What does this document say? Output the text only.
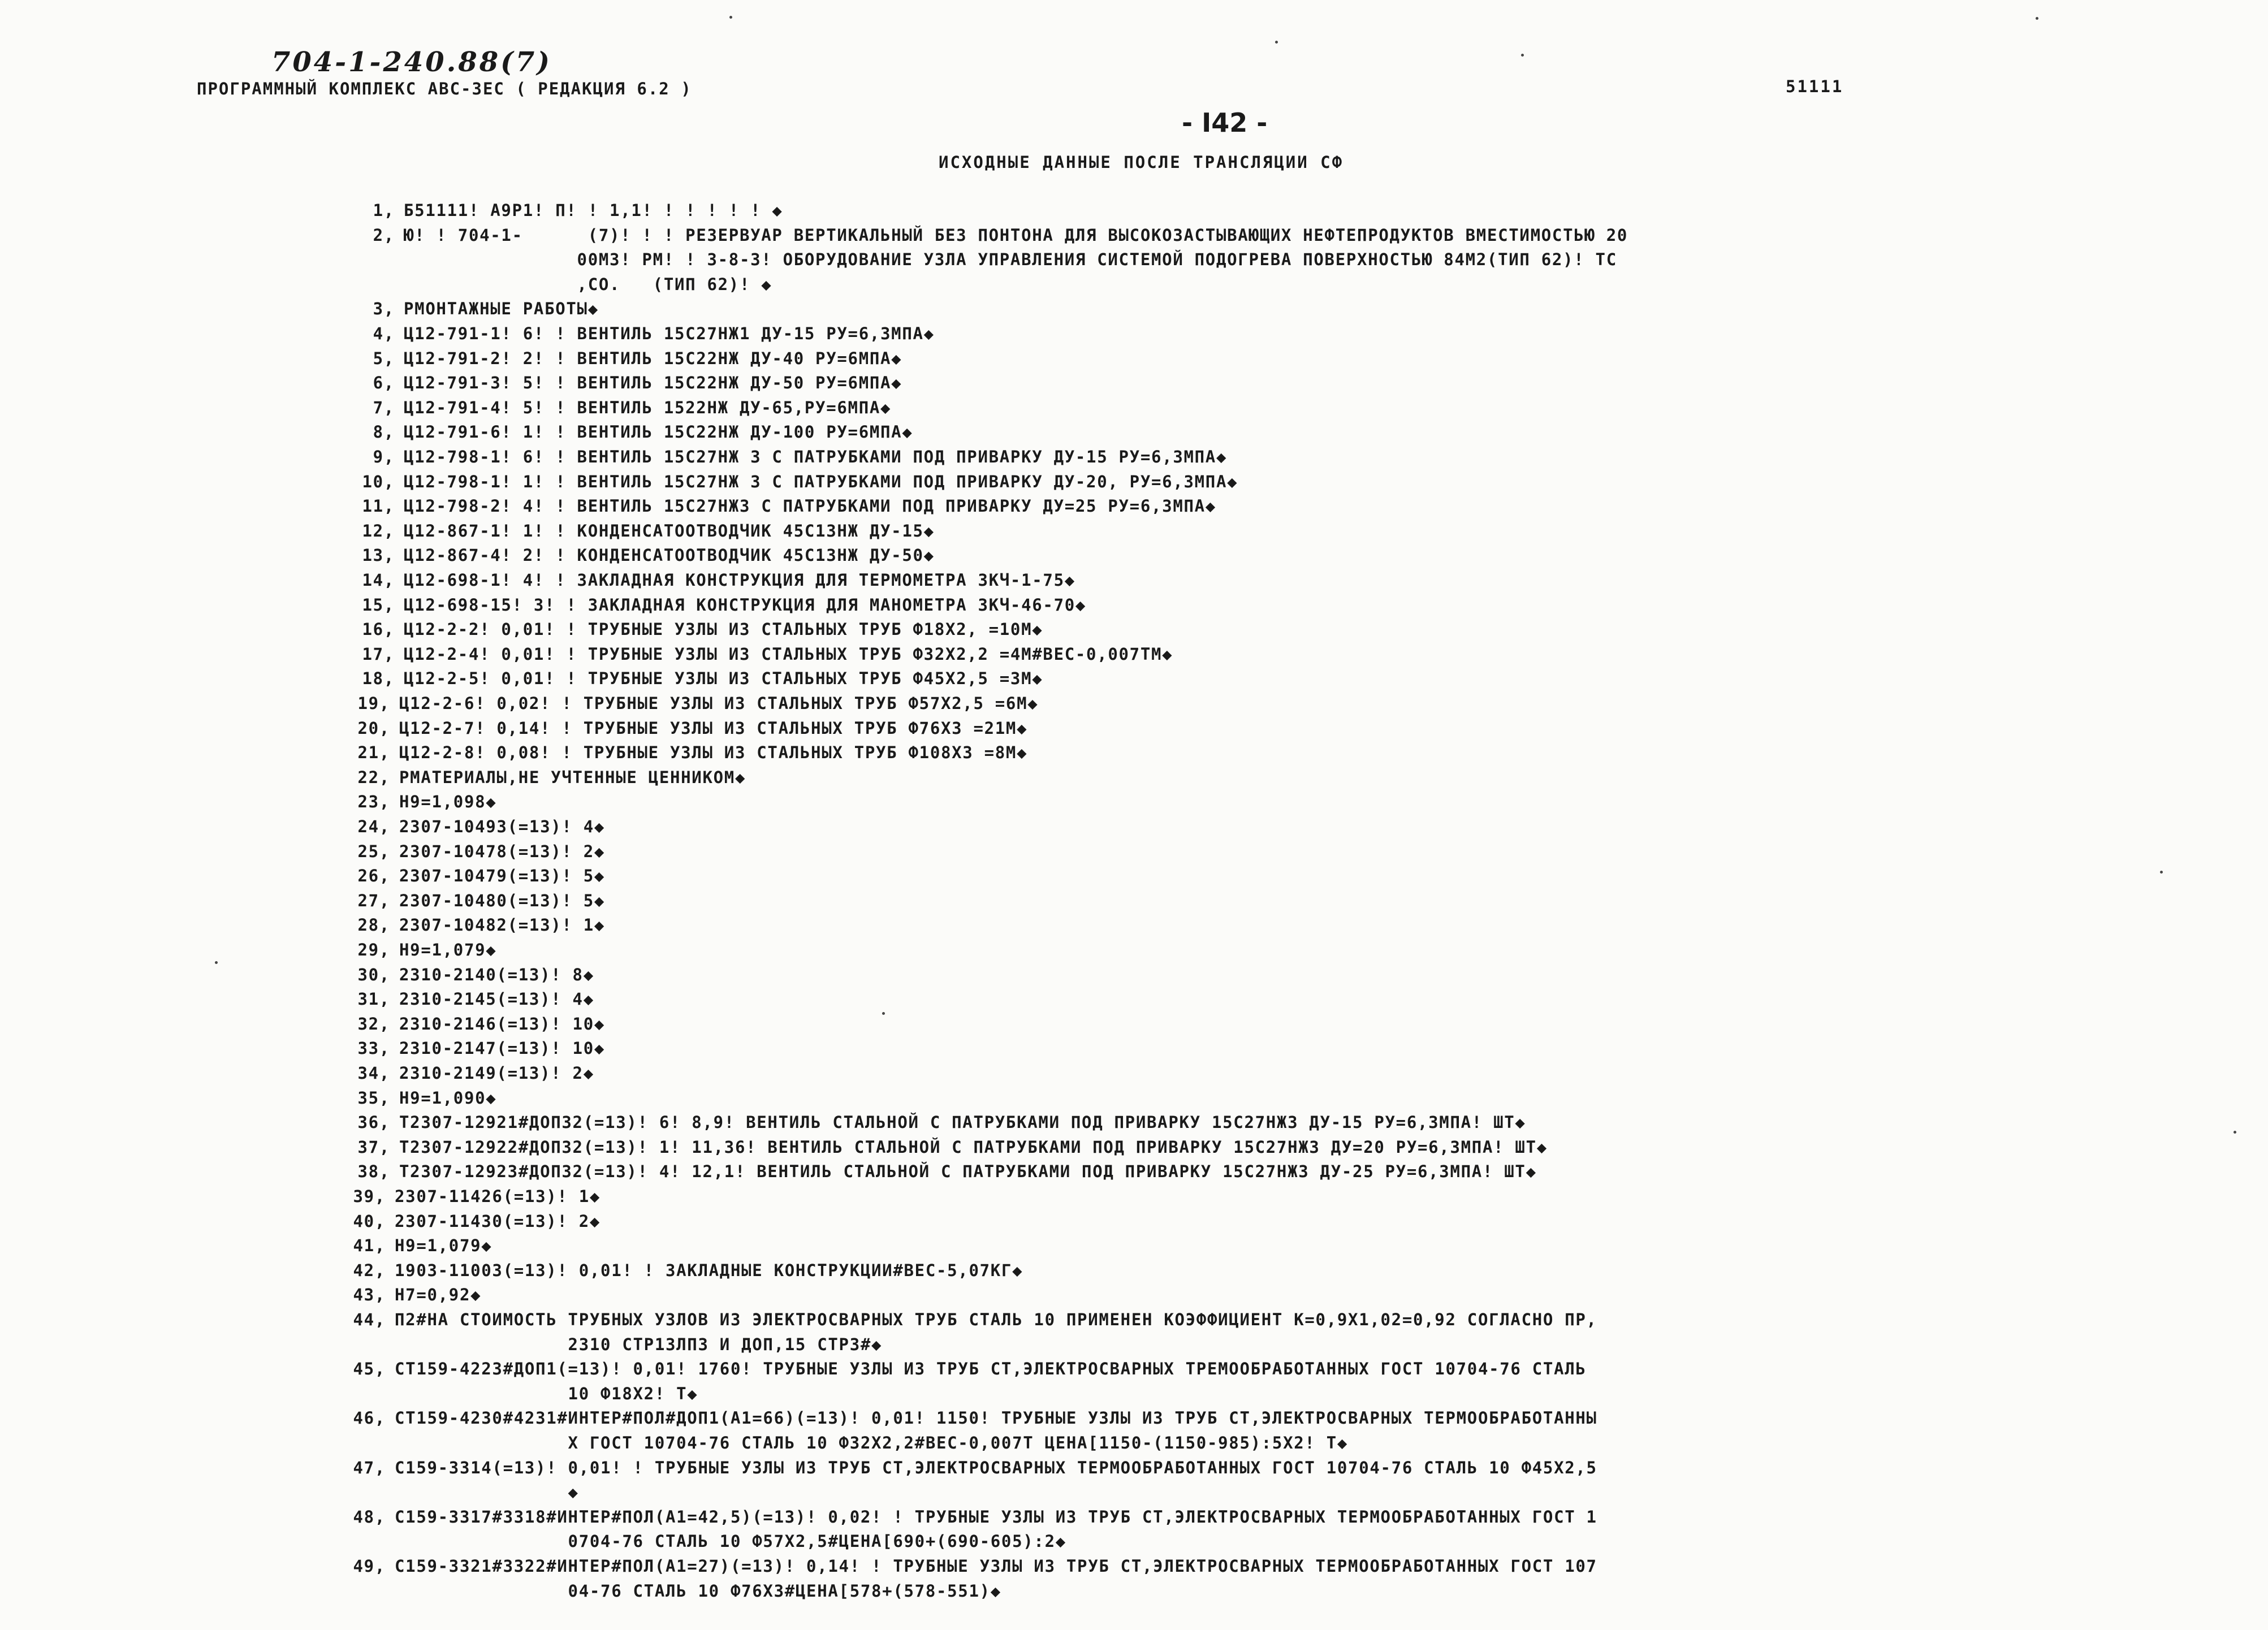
704-1-240.88(7)
ПРОГРАММНЫЙ КОМПЛЕКС АВС-3ЕС ( РЕДАКЦИЯ 6.2 )	51111
- I42 -
ИСХОДНЫЕ ДАННЫЕ ПОСЛЕ ТРАНСЛЯЦИИ СФ
1, Б51111! А9Р1! П! ! 1,1! ! ! ! ! ! ◆
2, Ю! ! 704-1-      (7)! ! ! РЕЗЕРВУАР ВЕРТИКАЛЬНЫЙ БЕЗ ПОНТОНА ДЛЯ ВЫСОКОЗАСТЫВАЮЩИХ НЕФТЕПРОДУКТОВ ВМЕСТИМОСТЬЮ 20
00М3! РМ! ! 3-8-3! ОБОРУДОВАНИЕ УЗЛА УПРАВЛЕНИЯ СИСТЕМОЙ ПОДОГРЕВА ПОВЕРХНОСТЬЮ 84М2(ТИП 62)! ТС
,СО.   (ТИП 62)! ◆
3, РМОНТАЖНЫЕ РАБОТЫ◆
4, Ц12-791-1! 6! ! ВЕНТИЛЬ 15С27НЖ1 ДУ-15 РУ=6,3МПА◆
5, Ц12-791-2! 2! ! ВЕНТИЛЬ 15С22НЖ ДУ-40 РУ=6МПА◆
6, Ц12-791-3! 5! ! ВЕНТИЛЬ 15С22НЖ ДУ-50 РУ=6МПА◆
7, Ц12-791-4! 5! ! ВЕНТИЛЬ 1522НЖ ДУ-65,РУ=6МПА◆
8, Ц12-791-6! 1! ! ВЕНТИЛЬ 15С22НЖ ДУ-100 РУ=6МПА◆
9, Ц12-798-1! 6! ! ВЕНТИЛЬ 15С27НЖ 3 С ПАТРУБКАМИ ПОД ПРИВАРКУ ДУ-15 РУ=6,3МПА◆
10, Ц12-798-1! 1! ! ВЕНТИЛЬ 15С27НЖ 3 С ПАТРУБКАМИ ПОД ПРИВАРКУ ДУ-20, РУ=6,3МПА◆
11, Ц12-798-2! 4! ! ВЕНТИЛЬ 15С27НЖ3 С ПАТРУБКАМИ ПОД ПРИВАРКУ ДУ=25 РУ=6,3МПА◆
12, Ц12-867-1! 1! ! КОНДЕНСАТООТВОДЧИК 45С13НЖ ДУ-15◆
13, Ц12-867-4! 2! ! КОНДЕНСАТООТВОДЧИК 45С13НЖ ДУ-50◆
14, Ц12-698-1! 4! ! ЗАКЛАДНАЯ КОНСТРУКЦИЯ ДЛЯ ТЕРМОМЕТРА 3КЧ-1-75◆
15, Ц12-698-15! 3! ! ЗАКЛАДНАЯ КОНСТРУКЦИЯ ДЛЯ МАНОМЕТРА 3КЧ-46-70◆
16, Ц12-2-2! 0,01! ! ТРУБНЫЕ УЗЛЫ ИЗ СТАЛЬНЫХ ТРУБ Ф18Х2, =10М◆
17, Ц12-2-4! 0,01! ! ТРУБНЫЕ УЗЛЫ ИЗ СТАЛЬНЫХ ТРУБ Ф32Х2,2 =4М#ВЕС-0,007ТМ◆
18, Ц12-2-5! 0,01! ! ТРУБНЫЕ УЗЛЫ ИЗ СТАЛЬНЫХ ТРУБ Ф45Х2,5 =3М◆
19, Ц12-2-6! 0,02! ! ТРУБНЫЕ УЗЛЫ ИЗ СТАЛЬНЫХ ТРУБ Ф57Х2,5 =6М◆
20, Ц12-2-7! 0,14! ! ТРУБНЫЕ УЗЛЫ ИЗ СТАЛЬНЫХ ТРУБ Ф76Х3 =21М◆
21, Ц12-2-8! 0,08! ! ТРУБНЫЕ УЗЛЫ ИЗ СТАЛЬНЫХ ТРУБ Ф108Х3 =8М◆
22, РМАТЕРИАЛЫ,НЕ УЧТЕННЫЕ ЦЕННИКОМ◆
23, Н9=1,098◆
24, 2307-10493(=13)! 4◆
25, 2307-10478(=13)! 2◆
26, 2307-10479(=13)! 5◆
27, 2307-10480(=13)! 5◆
28, 2307-10482(=13)! 1◆
29, Н9=1,079◆
30, 2310-2140(=13)! 8◆
31, 2310-2145(=13)! 4◆
32, 2310-2146(=13)! 10◆
33, 2310-2147(=13)! 10◆
34, 2310-2149(=13)! 2◆
35, Н9=1,090◆
36, Т2307-12921#ДОП32(=13)! 6! 8,9! ВЕНТИЛЬ СТАЛЬНОЙ С ПАТРУБКАМИ ПОД ПРИВАРКУ 15С27НЖ3 ДУ-15 РУ=6,3МПА! ШТ◆
37, Т2307-12922#ДОП32(=13)! 1! 11,36! ВЕНТИЛЬ СТАЛЬНОЙ С ПАТРУБКАМИ ПОД ПРИВАРКУ 15С27НЖ3 ДУ=20 РУ=6,3МПА! ШТ◆
38, Т2307-12923#ДОП32(=13)! 4! 12,1! ВЕНТИЛЬ СТАЛЬНОЙ С ПАТРУБКАМИ ПОД ПРИВАРКУ 15С27НЖ3 ДУ-25 РУ=6,3МПА! ШТ◆
39, 2307-11426(=13)! 1◆
40, 2307-11430(=13)! 2◆
41, Н9=1,079◆
42, 1903-11003(=13)! 0,01! ! ЗАКЛАДНЫЕ КОНСТРУКЦИИ#ВЕС-5,07КГ◆
43, Н7=0,92◆
44, П2#НА СТОИМОСТЬ ТРУБНЫХ УЗЛОВ ИЗ ЭЛЕКТРОСВАРНЫХ ТРУБ СТАЛЬ 10 ПРИМЕНЕН КОЭФФИЦИЕНТ К=0,9Х1,02=0,92 СОГЛАСНО ПР,
2310 СТР13ЛП3 И ДОП,15 СТР3#◆
45, СТ159-4223#ДОП1(=13)! 0,01! 1760! ТРУБНЫЕ УЗЛЫ ИЗ ТРУБ СТ,ЭЛЕКТРОСВАРНЫХ ТРЕМООБРАБОТАННЫХ ГОСТ 10704-76 СТАЛЬ
10 Ф18Х2! Т◆
46, СТ159-4230#4231#ИНТЕР#ПОЛ#ДОП1(А1=66)(=13)! 0,01! 1150! ТРУБНЫЕ УЗЛЫ ИЗ ТРУБ СТ,ЭЛЕКТРОСВАРНЫХ ТЕРМООБРАБОТАННЫ
Х ГОСТ 10704-76 СТАЛЬ 10 Ф32Х2,2#ВЕС-0,007Т ЦЕНА[1150-(1150-985):5Х2! Т◆
47, С159-3314(=13)! 0,01! ! ТРУБНЫЕ УЗЛЫ ИЗ ТРУБ СТ,ЭЛЕКТРОСВАРНЫХ ТЕРМООБРАБОТАННЫХ ГОСТ 10704-76 СТАЛЬ 10 Ф45Х2,5
◆
48, С159-3317#3318#ИНТЕР#ПОЛ(А1=42,5)(=13)! 0,02! ! ТРУБНЫЕ УЗЛЫ ИЗ ТРУБ СТ,ЭЛЕКТРОСВАРНЫХ ТЕРМООБРАБОТАННЫХ ГОСТ 1
0704-76 СТАЛЬ 10 Ф57Х2,5#ЦЕНА[690+(690-605):2◆
49, С159-3321#3322#ИНТЕР#ПОЛ(А1=27)(=13)! 0,14! ! ТРУБНЫЕ УЗЛЫ ИЗ ТРУБ СТ,ЭЛЕКТРОСВАРНЫХ ТЕРМООБРАБОТАННЫХ ГОСТ 107
04-76 СТАЛЬ 10 Ф76Х3#ЦЕНА[578+(578-551)◆
